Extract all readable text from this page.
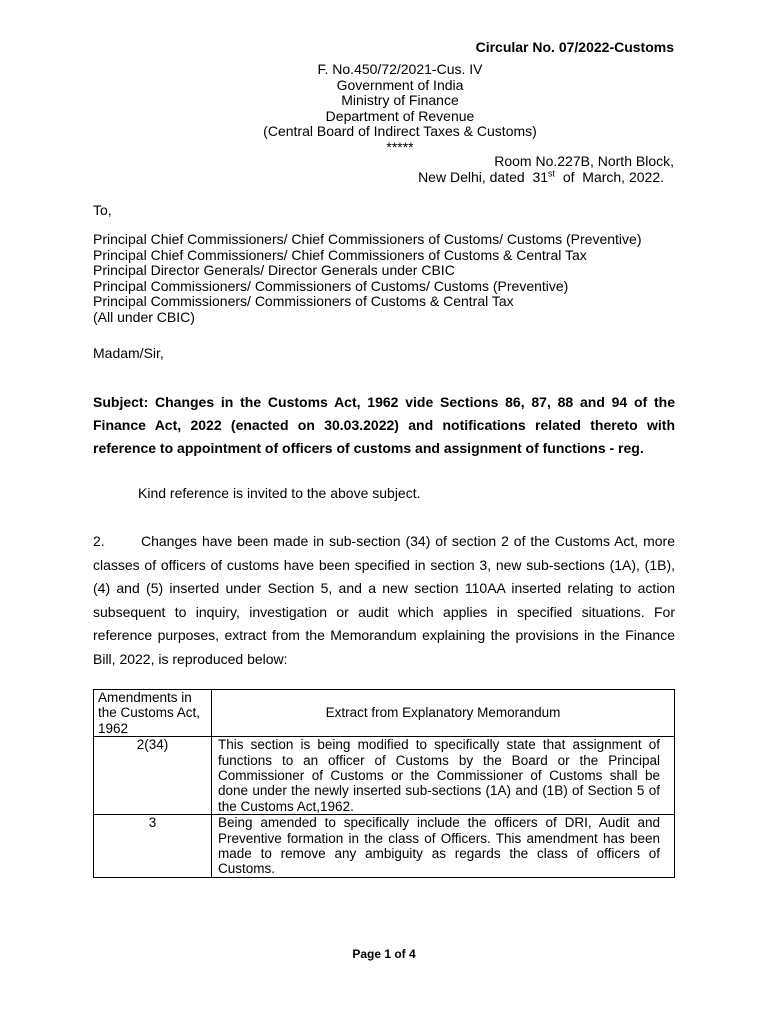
Circular No. 07/2022-Customs
F. No.450/72/2021-Cus. IV
Government of India
Ministry of Finance
Department of Revenue
(Central Board of Indirect Taxes & Customs)
*****
Room No.227B, North Block,
New Delhi, dated  31st  of  March, 2022.
To,
Principal Chief Commissioners/ Chief Commissioners of Customs/ Customs (Preventive)
Principal Chief Commissioners/ Chief Commissioners of Customs & Central Tax
Principal Director Generals/ Director Generals under CBIC
Principal Commissioners/ Commissioners of Customs/ Customs (Preventive)
Principal Commissioners/ Commissioners of Customs & Central Tax
(All under CBIC)
Madam/Sir,
Subject: Changes in the Customs Act, 1962 vide Sections 86, 87, 88 and 94 of the Finance Act, 2022 (enacted on 30.03.2022) and notifications related thereto with reference to appointment of officers of customs and assignment of functions - reg.
Kind reference is invited to the above subject.
2.	Changes have been made in sub-section (34) of section 2 of the Customs Act, more classes of officers of customs have been specified in section 3, new sub-sections (1A), (1B), (4) and (5) inserted under Section 5, and a new section 110AA inserted relating to action subsequent to inquiry, investigation or audit which applies in specified situations. For reference purposes, extract from the Memorandum explaining the provisions in the Finance Bill, 2022, is reproduced below:
Amendments in the Customs Act, 1962	Extract from Explanatory Memorandum
2(34)	This section is being modified to specifically state that assignment of functions to an officer of Customs by the Board or the Principal Commissioner of Customs or the Commissioner of Customs shall be done under the newly inserted sub-sections (1A) and (1B) of Section 5 of the Customs Act,1962.
3	Being amended to specifically include the officers of DRI, Audit and Preventive formation in the class of Officers. This amendment has been made to remove any ambiguity as regards the class of officers of Customs.
Page 1 of 4
